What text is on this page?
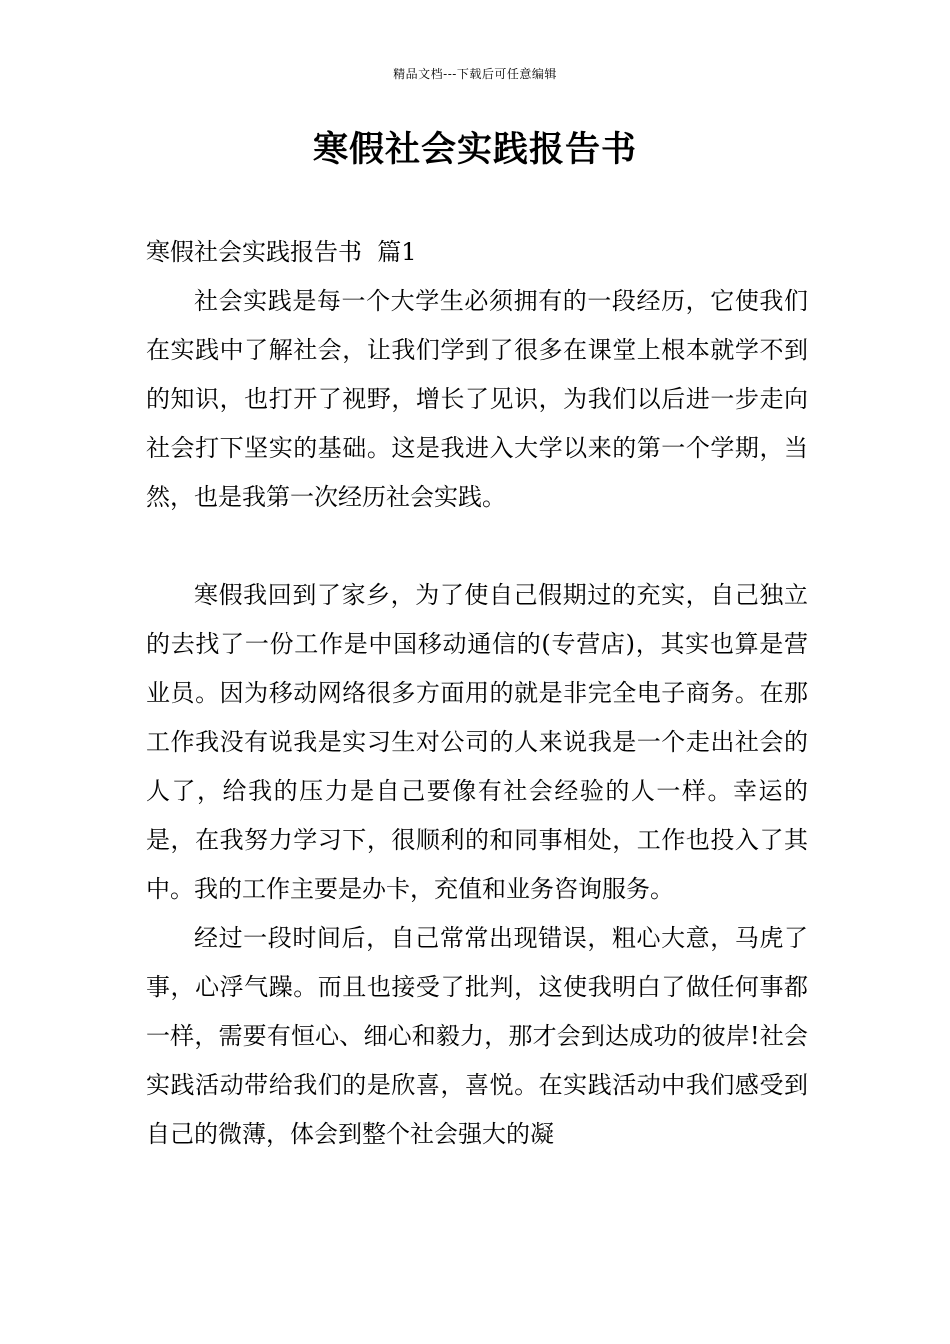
精品文档---下载后可任意编辑
寒假社会实践报告书

寒假社会实践报告书  篇1

社会实践是每一个大学生必须拥有的一段经历，它使我们在实践中了解社会，让我们学到了很多在课堂上根本就学不到的知识，也打开了视野，增长了见识，为我们以后进一步走向社会打下坚实的基础。这是我进入大学以来的第一个学期，当然，也是我第一次经历社会实践。

寒假我回到了家乡，为了使自己假期过的充实，自己独立的去找了一份工作是中国移动通信的(专营店)，其实也算是营业员。因为移动网络很多方面用的就是非完全电子商务。在那工作我没有说我是实习生对公司的人来说我是一个走出社会的人了，给我的压力是自己要像有社会经验的人一样。幸运的是，在我努力学习下，很顺利的和同事相处，工作也投入了其中。我的工作主要是办卡，充值和业务咨询服务。

经过一段时间后，自己常常出现错误，粗心大意，马虎了事，心浮气躁。而且也接受了批判，这使我明白了做任何事都一样，需要有恒心、细心和毅力，那才会到达成功的彼岸!社会实践活动带给我们的是欣喜，喜悦。在实践活动中我们感受到自己的微薄，体会到整个社会强大的凝
